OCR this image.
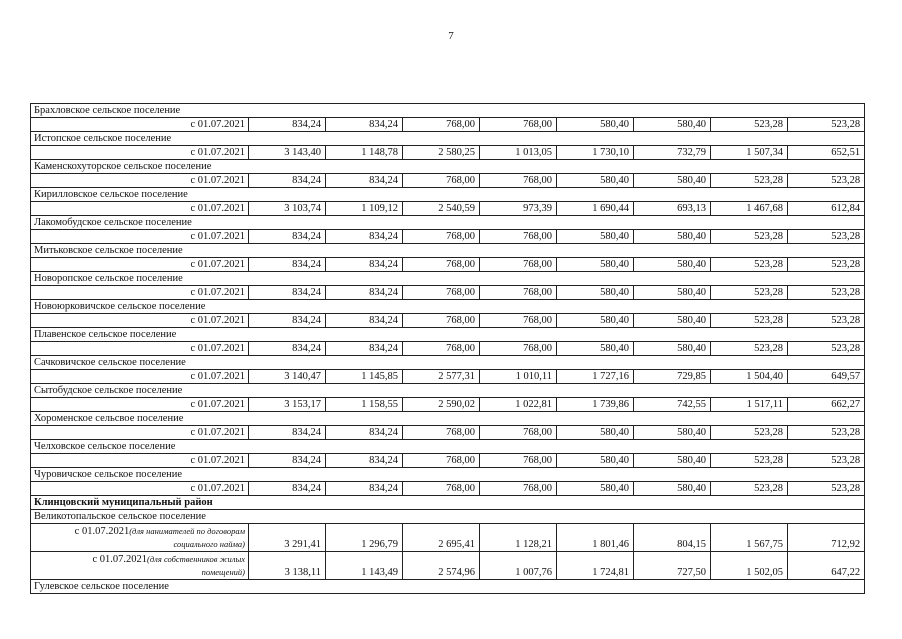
7
Брахловское сельское поселение								
с 01.07.2021	834,24	834,24	768,00	768,00	580,40	580,40	523,28	523,28
Истопское сельское поселение								
с 01.07.2021	3 143,40	1 148,78	2 580,25	1 013,05	1 730,10	732,79	1 507,34	652,51
Каменскохуторское сельское поселение								
с 01.07.2021	834,24	834,24	768,00	768,00	580,40	580,40	523,28	523,28
Кирилловское сельское поселение								
с 01.07.2021	3 103,74	1 109,12	2 540,59	973,39	1 690,44	693,13	1 467,68	612,84
Лакомобудское сельское поселение								
с 01.07.2021	834,24	834,24	768,00	768,00	580,40	580,40	523,28	523,28
Митьковское сельское поселение								
с 01.07.2021	834,24	834,24	768,00	768,00	580,40	580,40	523,28	523,28
Новоропское сельское поселение								
с 01.07.2021	834,24	834,24	768,00	768,00	580,40	580,40	523,28	523,28
Новоюрковичское сельское поселение								
с 01.07.2021	834,24	834,24	768,00	768,00	580,40	580,40	523,28	523,28
Плавенское сельское поселение								
с 01.07.2021	834,24	834,24	768,00	768,00	580,40	580,40	523,28	523,28
Сачковичское сельское поселение								
с 01.07.2021	3 140,47	1 145,85	2 577,31	1 010,11	1 727,16	729,85	1 504,40	649,57
Сытобудское сельское поселение								
с 01.07.2021	3 153,17	1 158,55	2 590,02	1 022,81	1 739,86	742,55	1 517,11	662,27
Хороменское сельсвое поселение								
с 01.07.2021	834,24	834,24	768,00	768,00	580,40	580,40	523,28	523,28
Челховское сельское поселение								
с 01.07.2021	834,24	834,24	768,00	768,00	580,40	580,40	523,28	523,28
Чуровичское сельское поселение								
с 01.07.2021	834,24	834,24	768,00	768,00	580,40	580,40	523,28	523,28
Клинцовский муниципальный район								
Великотопальское сельское поселение								
с 01.07.2021(для нанимателей по договорам
социального найма)	3 291,41	1 296,79	2 695,41	1 128,21	1 801,46	804,15	1 567,75	712,92
с 01.07.2021(для собственников жилых
помещений)	3 138,11	1 143,49	2 574,96	1 007,76	1 724,81	727,50	1 502,05	647,22
Гулевское сельское поселение								
